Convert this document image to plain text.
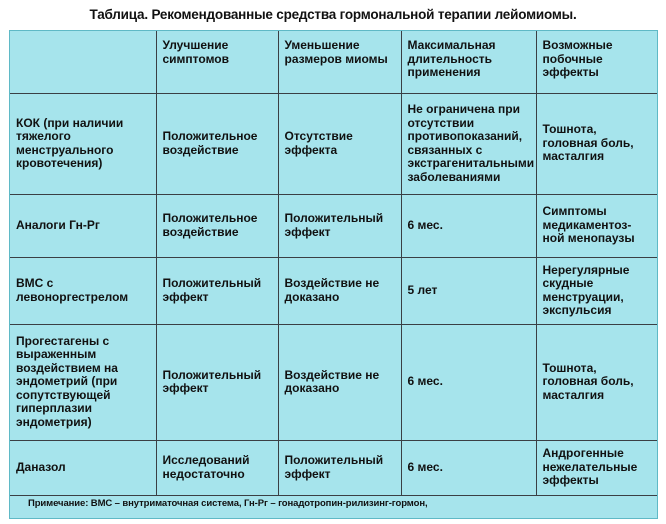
Таблица. Рекомендованные средства гормональной терапии лейомиомы.
	Улучшение симптомов	Уменьшение размеров миомы	Максимальная длительность применения	Возможные побочные эффекты
КОК (при наличии тяжелого менструального кровотечения)	Положительное воздействие	Отсутствие эффекта	Не ограничена при отсутствии противопоказаний, связанных с экстрагенитальными заболеваниями	Тошнота, головная боль, масталгия
Аналоги Гн-Рг	Положительное воздействие	Положительный эффект	6 мес.	Симптомы медикаментоз-ной менопаузы
ВМС с левоноргестрелом	Положительный эффект	Воздействие не доказано	5 лет	Нерегулярные скудные менструации, экспульсия
Прогестагены с выраженным воздействием на эндометрий (при сопутствующей гиперплазии эндометрия)	Положительный эффект	Воздействие не доказано	6 мес.	Тошнота, головная боль, масталгия
Даназол	Исследований недостаточно	Положительный эффект	6 мес.	Андрогенные нежелательные эффекты
Примечание: ВМС – внутриматочная система, Гн-Рг – гонадотропин-рилизинг-гормон,
